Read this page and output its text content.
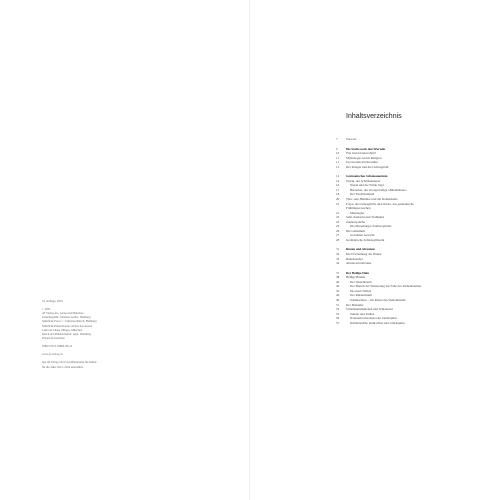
16. Auflage, 2023
© 2001
AT Verlag AG, Aarau und München
Umschlagbild: Johannes Grube, Hamburg
Sämtliche Fotos: © Christian Rätsch, Hamburg
Sämtliche Illustrationen: Archiv des Autors
Lektorat: Diane Zilliges, München
Druck und Bindearbeiten: Appl, Wemding
Printed in Germany
ISBN 978-3-03800-201-8
www.at-verlag.ch
Der AT Verlag wird vom Bundesamt für Kultur
für die Jahre 2021–2024 unterstützt.
Inhaltsverzeichnis
7	Vorwort
9	Die Suche nach den Wurzeln
10	Wie sind Urzeitwallen?
11	Mythologie versus Religion
11	Urreiverum und Kontinu
13	Der Krieger und die Liebesgöttin
14	Germanisches Schamanentum
14	Wotan, der Schamanengott
16	Wotan und die Wilde Jagd
17	Berserker, der zwergewaltige »Bärenhäuter«
18	Der Fruchtbanfand
20	Thor, sein Hammer und die Donnerkeile
21	Freya, die Liebesgöttin, und Ostara, das germanische
Frühlingserwachen
21	Marienglas
23	Seiß, Zauberin und Trollkunst
23	Zaubersprüche
25	Die Merseburger Zaubersprüche
26	Die Geheimnis
27	Gestohlen Gewicht
28	Germanische Zahlensymbolik
31	Runen und Alraunen
32	Die Erscheinung der Runen
33	Runenzauber
34	Alruna und Alraune
37	Der Heilige Hain
38	Heilige Bäume
40	Der Weltenbaum
42	Der Brauch der Erinnerung zur Falle des Weltenbaumes
43	Die neun Welten
46	Der Rindenbaum
49	Weihnachten – das Ritual des Weltenbaums
51	Der Holunder
53	Schamanendämonen und Schrekensi
55	Zunder und Zauber
56	Nationalsocietatien oder Zauberpilze
57	Krümenstilde, Kuhrschrot und Glückspilze
